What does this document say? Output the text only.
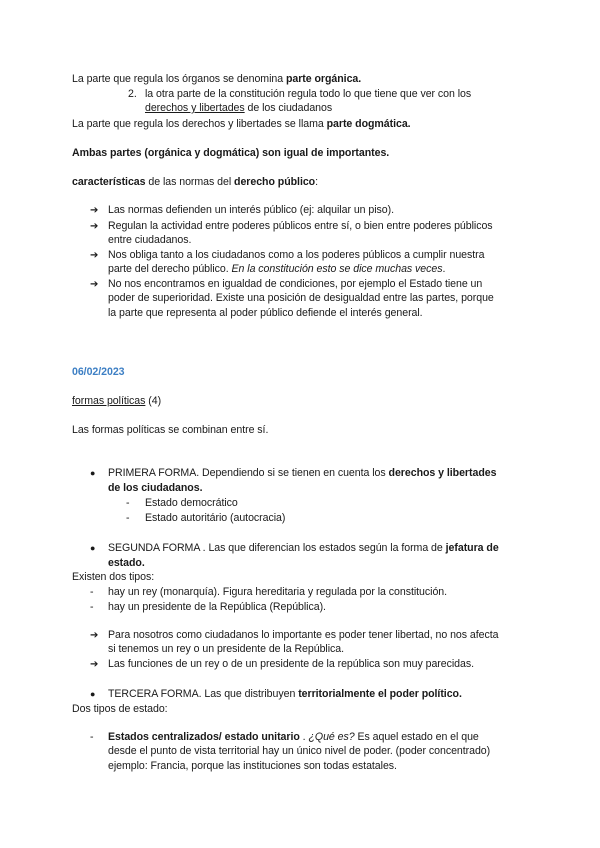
La parte que regula los órganos se denomina parte orgánica.
2. la otra parte de la constitución regula todo lo que tiene que ver con los
derechos y libertades de los ciudadanos
La parte que regula los derechos y libertades se llama parte dogmática.
Ambas partes (orgánica y dogmática) son igual de importantes.
características de las normas del derecho público:
➔ Las normas defienden un interés público (ej: alquilar un piso).
➔ Regulan la actividad entre poderes públicos entre sí, o bien entre poderes públicos
entre ciudadanos.
➔ Nos obliga tanto a los ciudadanos como a los poderes públicos a cumplir nuestra
parte del derecho público. En la constitución esto se dice muchas veces.
➔ No nos encontramos en igualdad de condiciones, por ejemplo el Estado tiene un
poder de superioridad. Existe una posición de desigualdad entre las partes, porque
la parte que representa al poder público defiende el interés general.
06/02/2023
formas políticas (4)
Las formas políticas se combinan entre sí.
● PRIMERA FORMA. Dependiendo si se tienen en cuenta los derechos y libertades
de los ciudadanos.
- Estado democrático
- Estado autoritário (autocracia)
● SEGUNDA FORMA . Las que diferencian los estados según la forma de jefatura de
estado.
Existen dos tipos:
- hay un rey (monarquía). Figura hereditaria y regulada por la constitución.
- hay un presidente de la República (República).
➔ Para nosotros como ciudadanos lo importante es poder tener libertad, no nos afecta
si tenemos un rey o un presidente de la República.
➔ Las funciones de un rey o de un presidente de la república son muy parecidas.
● TERCERA FORMA. Las que distribuyen territorialmente el poder político.
Dos tipos de estado:
- Estados centralizados/ estado unitario . ¿Qué es? Es aquel estado en el que
desde el punto de vista territorial hay un único nivel de poder. (poder concentrado)
ejemplo: Francia, porque las instituciones son todas estatales.
